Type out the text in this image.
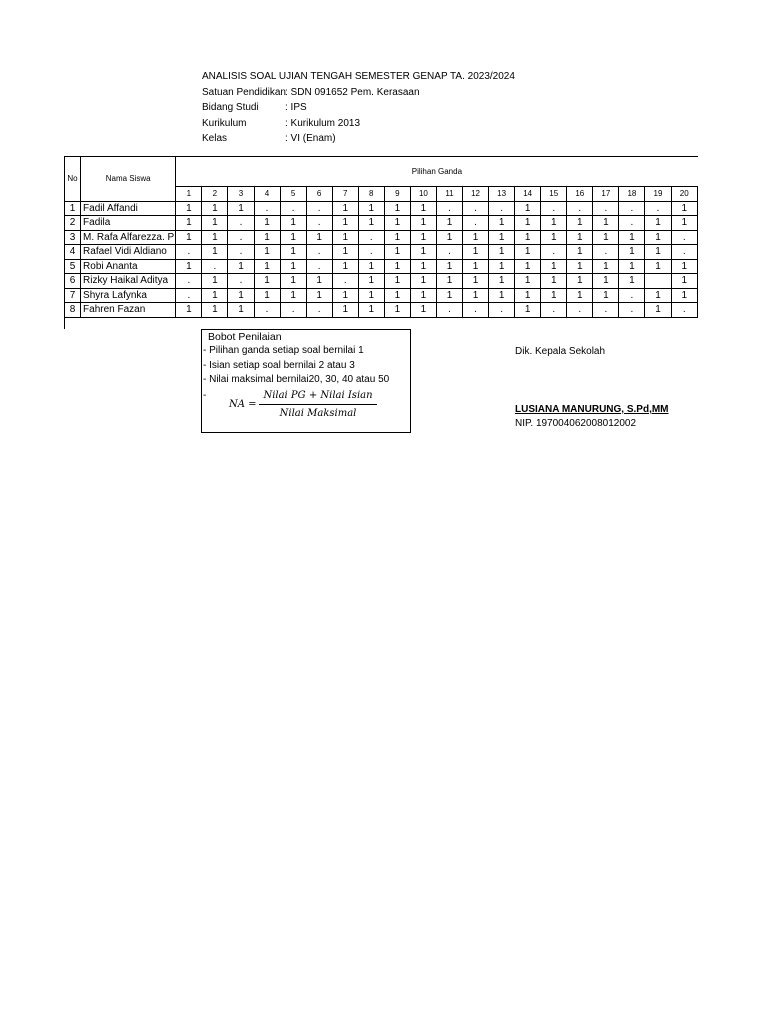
ANALISIS SOAL UJIAN TENGAH SEMESTER GENAP TA. 2023/2024
Satuan Pendidikan : SDN 091652 Pem. Kerasaan
Bidang Studi	: IPS
Kurikulum	: Kurikulum 2013
Kelas	: VI (Enam)
No	Nama Siswa	Pilihan Ganda																			
		1	2	3	4	5	6	7	8	9	10	11	12	13	14	15	16	17	18	19	20
1	Fadil Affandi	1	1	1	.	.	.	1	1	1	1	.	.	.	1	.	.	.	.	.	1
2	Fadila	1	1	.	1	1	.	1	1	1	1	1	.	1	1	1	1	1	.	1	1
3	M. Rafa Alfarezza. P	1	1	.	1	1	1	1	.	1	1	1	1	1	1	1	1	1	1	1	.
4	Rafael Vidi Aldiano	.	1	.	1	1	.	1	.	1	1	.	1	1	1	.	1	.	1	1	.
5	Robi Ananta	1	.	1	1	1	.	1	1	1	1	1	1	1	1	1	1	1	1	1	1
6	Rizky Haikal Aditya	.	1	.	1	1	1	.	1	1	1	1	1	1	1	1	1	1	1		1
7	Shyra Lafynka	.	1	1	1	1	1	1	1	1	1	1	1	1	1	1	1	1	.	1	1
8	Fahren Fazan	1	1	1	.	.	.	1	1	1	1	.	.	.	1	.	.	.	.	1	.
Bobot Penilaian
- Pilihan ganda setiap soal bernilai 1
- Isian setiap soal bernilai 2 atau 3
- Nilai maksimal bernilai20, 30, 40 atau 50
-
NA =
Nilai PG + Nilai Isian
Nilai Maksimal
Dik. Kepala Sekolah
LUSIANA MANURUNG, S.Pd,MM
NIP. 197004062008012002
